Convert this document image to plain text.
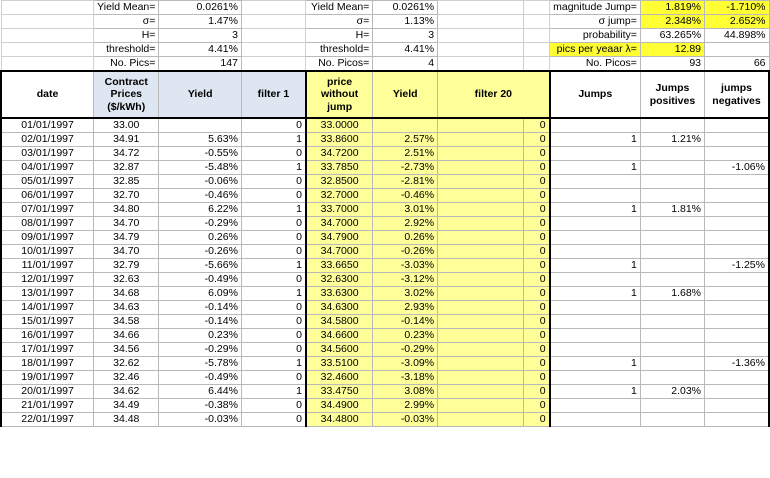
	Yield Mean=	0.0261%		Yield Mean=	0.0261%			magnitude Jump=	1.819%	-1.710%
	σ=	1.47%		σ=	1.13%			σ jump=	2.348%	2.652%
	H=	3		H=	3			probability=	63.265%	44.898%
	threshold=	4.41%		threshold=	4.41%			pics per yeaar λ=	12.89	
	No. Pics=	147		No. Picos=	4			No. Picos=	93	66
date	Contract Prices ($/kWh)	Yield	filter 1	price without jump	Yield	filter 20		Jumps	Jumps positives	jumps negatives
01/01/1997	33.00		0	33.0000			0			
02/01/1997	34.91	5.63%	1	33.8600	2.57%		0	1	1.21%	
03/01/1997	34.72	-0.55%	0	34.7200	2.51%		0			
04/01/1997	32.87	-5.48%	1	33.7850	-2.73%		0	1		-1.06%
05/01/1997	32.85	-0.06%	0	32.8500	-2.81%		0			
06/01/1997	32.70	-0.46%	0	32.7000	-0.46%		0			
07/01/1997	34.80	6.22%	1	33.7000	3.01%		0	1	1.81%	
08/01/1997	34.70	-0.29%	0	34.7000	2.92%		0			
09/01/1997	34.79	0.26%	0	34.7900	0.26%		0			
10/01/1997	34.70	-0.26%	0	34.7000	-0.26%		0			
11/01/1997	32.79	-5.66%	1	33.6650	-3.03%		0	1		-1.25%
12/01/1997	32.63	-0.49%	0	32.6300	-3.12%		0			
13/01/1997	34.68	6.09%	1	33.6300	3.02%		0	1	1.68%	
14/01/1997	34.63	-0.14%	0	34.6300	2.93%		0			
15/01/1997	34.58	-0.14%	0	34.5800	-0.14%		0			
16/01/1997	34.66	0.23%	0	34.6600	0.23%		0			
17/01/1997	34.56	-0.29%	0	34.5600	-0.29%		0			
18/01/1997	32.62	-5.78%	1	33.5100	-3.09%		0	1		-1.36%
19/01/1997	32.46	-0.49%	0	32.4600	-3.18%		0			
20/01/1997	34.62	6.44%	1	33.4750	3.08%		0	1	2.03%	
21/01/1997	34.49	-0.38%	0	34.4900	2.99%		0			
22/01/1997	34.48	-0.03%	0	34.4800	-0.03%		0			
